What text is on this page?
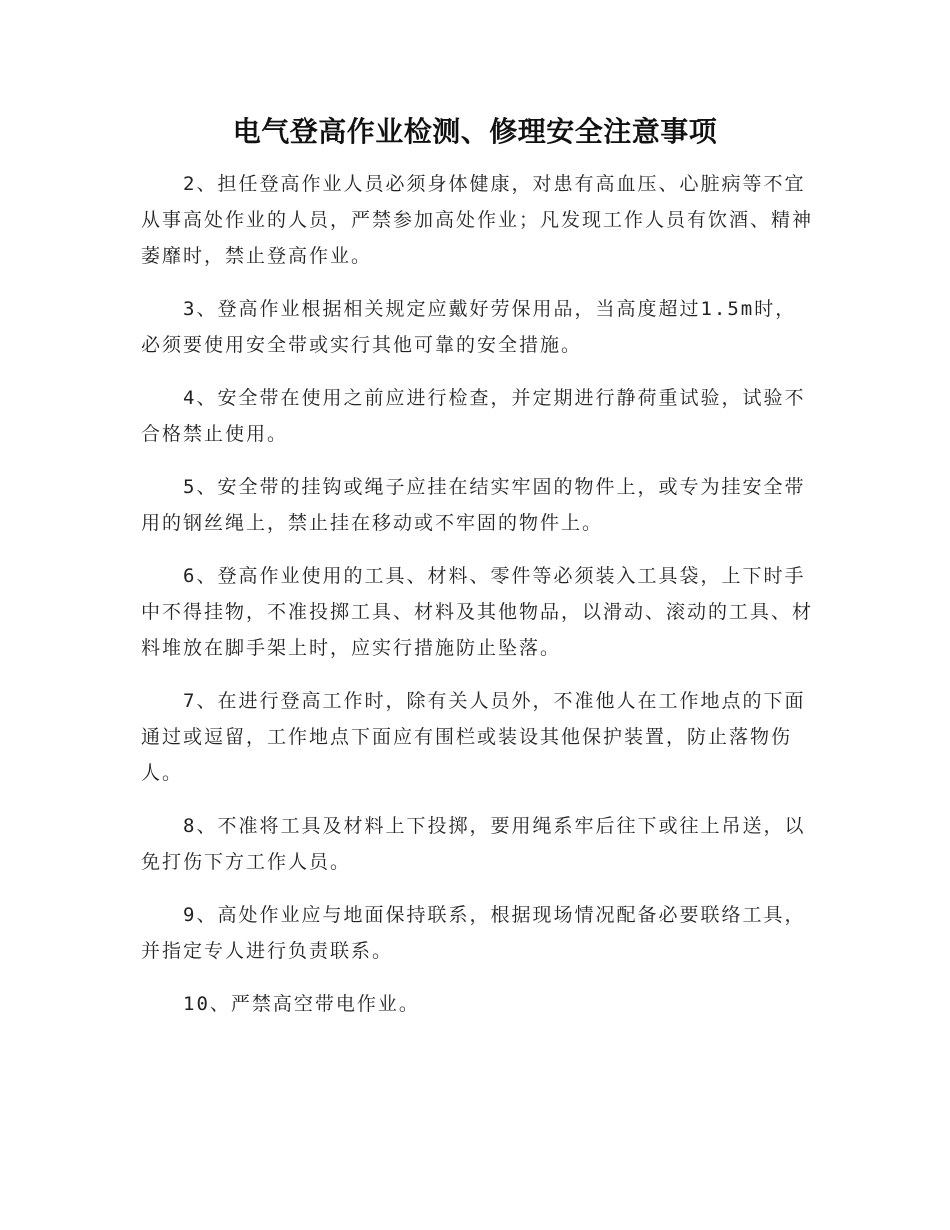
电气登高作业检测、修理安全注意事项

2、担任登高作业人员必须身体健康，对患有高血压、心脏病等不宜从事高处作业的人员，严禁参加高处作业；凡发现工作人员有饮酒、精神萎靡时，禁止登高作业。

3、登高作业根据相关规定应戴好劳保用品，当高度超过1.5m时，必须要使用安全带或实行其他可靠的安全措施。

4、安全带在使用之前应进行检查，并定期进行静荷重试验，试验不合格禁止使用。

5、安全带的挂钩或绳子应挂在结实牢固的物件上，或专为挂安全带用的钢丝绳上，禁止挂在移动或不牢固的物件上。

6、登高作业使用的工具、材料、零件等必须装入工具袋，上下时手中不得挂物，不准投掷工具、材料及其他物品，以滑动、滚动的工具、材料堆放在脚手架上时，应实行措施防止坠落。

7、在进行登高工作时，除有关人员外，不准他人在工作地点的下面通过或逗留，工作地点下面应有围栏或装设其他保护装置，防止落物伤人。

8、不准将工具及材料上下投掷，要用绳系牢后往下或往上吊送，以免打伤下方工作人员。

9、高处作业应与地面保持联系，根据现场情况配备必要联络工具，并指定专人进行负责联系。

10、严禁高空带电作业。
